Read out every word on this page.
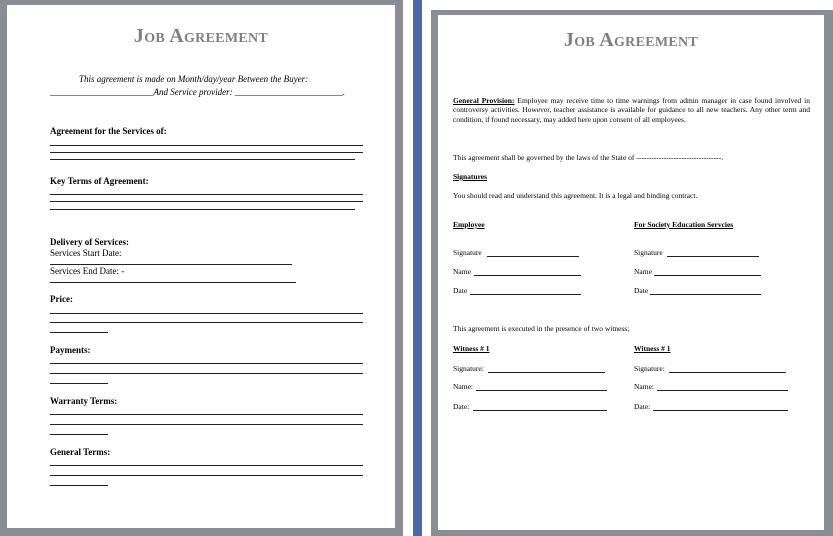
Job Agreement
This agreement is made on Month/day/year Between the Buyer:
_______________________And Service provider: ________________________.
Agreement for the Services of:
Key Terms of Agreement:
Delivery of Services:
Services Start Date:
Services End Date: -
Price:
Payments:
Warranty Terms:
General Terms:
Job Agreement
General Provision: Employee may receive time to time warnings from admin manager in case found involved in controversy activities. However, teacher assistance is available for guidance to all new teachers. Any other term and condition, if found necessary, may added here upon consent of all employees.
This agreement shall be governed by the laws of the State of ----------------------------------.
Signatures
You should read and understand this agreement. It is a legal and binding contract.
Employee	For Society Education Servcies
Signature	Signature
Name	Name
Date	Date
This agreement is executed in the presence of two witness;
Witness # 1	Witness # 1
Signature:	Signature:
Name:	Name:
Date:	Date:
